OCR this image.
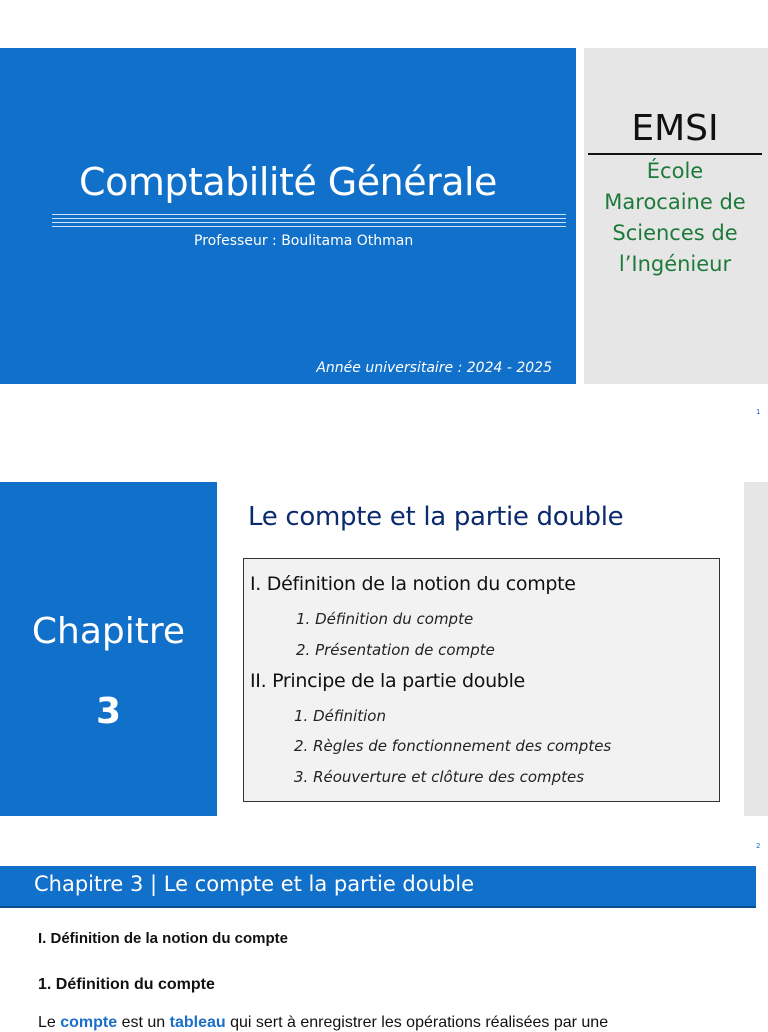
Comptabilité Générale
Professeur : Boulitama Othman
Année universitaire : 2024 - 2025
EMSI
École
Marocaine de
Sciences de
l’Ingénieur
1
Chapitre
3
Le compte et la partie double
I. Définition de la notion du compte
1. Définition du compte
2. Présentation de compte
II. Principe de la partie double
1. Définition
2. Règles de fonctionnement des comptes
3. Réouverture et clôture des comptes
2
Chapitre 3 | Le compte et la partie double
I. Définition de la notion du compte
1. Définition du compte
Le compte est un tableau qui sert à enregistrer les opérations réalisées par une
